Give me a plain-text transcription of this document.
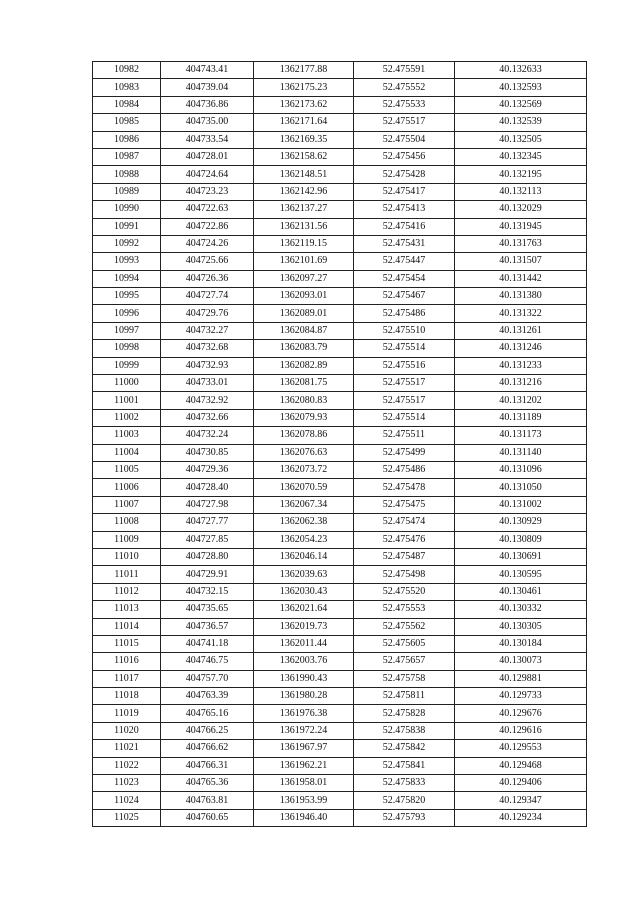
10982	404743.41	1362177.88	52.475591	40.132633
10983	404739.04	1362175.23	52.475552	40.132593
10984	404736.86	1362173.62	52.475533	40.132569
10985	404735.00	1362171.64	52.475517	40.132539
10986	404733.54	1362169.35	52.475504	40.132505
10987	404728.01	1362158.62	52.475456	40.132345
10988	404724.64	1362148.51	52.475428	40.132195
10989	404723.23	1362142.96	52.475417	40.132113
10990	404722.63	1362137.27	52.475413	40.132029
10991	404722.86	1362131.56	52.475416	40.131945
10992	404724.26	1362119.15	52.475431	40.131763
10993	404725.66	1362101.69	52.475447	40.131507
10994	404726.36	1362097.27	52.475454	40.131442
10995	404727.74	1362093.01	52.475467	40.131380
10996	404729.76	1362089.01	52.475486	40.131322
10997	404732.27	1362084.87	52.475510	40.131261
10998	404732.68	1362083.79	52.475514	40.131246
10999	404732.93	1362082.89	52.475516	40.131233
11000	404733.01	1362081.75	52.475517	40.131216
11001	404732.92	1362080.83	52.475517	40.131202
11002	404732.66	1362079.93	52.475514	40.131189
11003	404732.24	1362078.86	52.475511	40.131173
11004	404730.85	1362076.63	52.475499	40.131140
11005	404729.36	1362073.72	52.475486	40.131096
11006	404728.40	1362070.59	52.475478	40.131050
11007	404727.98	1362067.34	52.475475	40.131002
11008	404727.77	1362062.38	52.475474	40.130929
11009	404727.85	1362054.23	52.475476	40.130809
11010	404728.80	1362046.14	52.475487	40.130691
11011	404729.91	1362039.63	52.475498	40.130595
11012	404732.15	1362030.43	52.475520	40.130461
11013	404735.65	1362021.64	52.475553	40.130332
11014	404736.57	1362019.73	52.475562	40.130305
11015	404741.18	1362011.44	52.475605	40.130184
11016	404746.75	1362003.76	52.475657	40.130073
11017	404757.70	1361990.43	52.475758	40.129881
11018	404763.39	1361980.28	52.475811	40.129733
11019	404765.16	1361976.38	52.475828	40.129676
11020	404766.25	1361972.24	52.475838	40.129616
11021	404766.62	1361967.97	52.475842	40.129553
11022	404766.31	1361962.21	52.475841	40.129468
11023	404765.36	1361958.01	52.475833	40.129406
11024	404763.81	1361953.99	52.475820	40.129347
11025	404760.65	1361946.40	52.475793	40.129234
